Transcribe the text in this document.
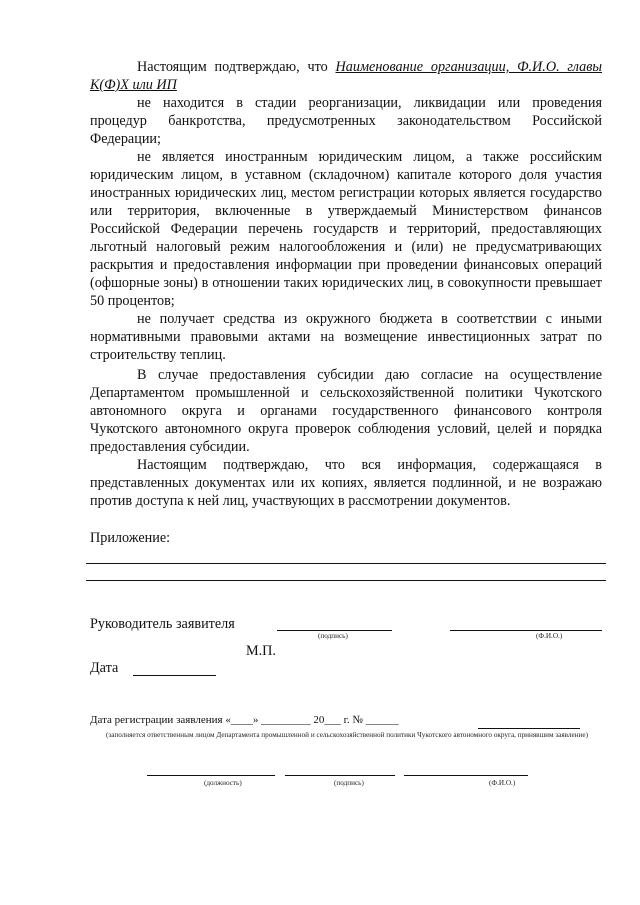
Настоящим подтверждаю, что Наименование организации, Ф.И.О. главы К(Ф)Х или ИП

не находится в стадии реорганизации, ликвидации или проведения процедур банкротства, предусмотренных законодательством Российской Федерации;

не является иностранным юридическим лицом, а также российским юридическим лицом, в уставном (складочном) капитале которого доля участия иностранных юридических лиц, местом регистрации которых является государство или территория, включенные в утверждаемый Министерством финансов Российской Федерации перечень государств и территорий, предоставляющих льготный налоговый режим налогообложения и (или) не предусматривающих раскрытия и предоставления информации при проведении финансовых операций (офшорные зоны) в отношении таких юридических лиц, в совокупности превышает 50 процентов;

не получает средства из окружного бюджета в соответствии с иными нормативными правовыми актами на возмещение инвестиционных затрат по строительству теплиц.

В случае предоставления субсидии даю согласие на осуществление Департаментом промышленной и сельскохозяйственной политики Чукотского автономного округа и органами государственного финансового контроля Чукотского автономного округа проверок соблюдения условий, целей и порядка предоставления субсидии.

Настоящим подтверждаю, что вся информация, содержащаяся в представленных документах или их копиях, является подлинной, и не возражаю против доступа к ней лиц, участвующих в рассмотрении документов.

Приложение:
Руководитель заявителя
(подпись)	(Ф.И.О.)
М.П.
Дата
Дата регистрации заявления «____» _________ 20___ г. № ______
(заполняется ответственным лицом Департамента промышленной и сельскохозяйственной политики Чукотского автономного округа, принявшим заявление)
(должность)	(подпись)	(Ф.И.О.)
